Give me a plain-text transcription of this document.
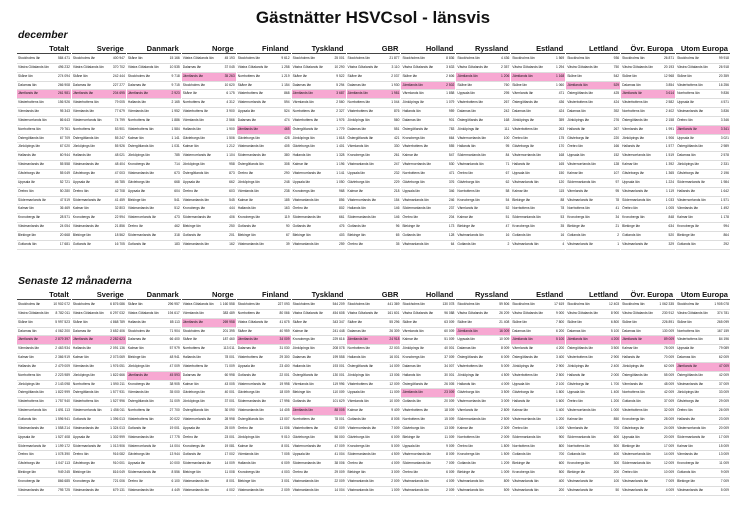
Gästnätter HSVCsol - länsvis
december
Totalt
Stockholms län	584 471
Västra Götalands län	496 232
Skåne län	274 094
Dalarnas län	266 908
Jämtlands län	261 981
Västerbottens län	156 926
Värmlands län	95 343
Västernorrlands län	86 643
Norrbottens län	79 761
Östergötlands län	67 709
Jönköpings län	67 020
Hallands län	60 944
Västmanlands län	55 558
Gävleborgs län	55 049
Uppsala län	52 721
Örebro län	50 280
Södermanlands län	47 519
Kalmar län	36 469
Kronobergs län	28 571
Västmanlands län	24 054
Blekinge län	20 668
Gotlands län	17 681
Sverige
Stockholms län	400 947
Västra Götalands län	370 702
Skåne län	242 444
Dalarnas län	227 277
Jämtlands län	204 695
Västerbottens län	79 005
Värmlands län	77 679
Västernorrlands län	74 799
Norrbottens län	53 901
Östergötlands län	55 247
Jönköpings län	55 926
Hallands län	48 021
Västmanlands län	48 404
Gävleborgs län	47 003
Uppsala län	46 785
Örebro län	42 708
Södermanlands län	41 459
Kalmar län	32 803
Kronobergs län	22 994
Västmanlands län	21 856
Blekinge län	18 562
Gotlands län	16 705
Danmark
Skåne län	15 166
Västra Götalands län	10 535
Stockholms län	9 718
Dalarnas län	9 715
Jämtlands län	2 923
Hallands län	2 165
Värmlands län	1 952
Norrbottens län	1 886
Västerbottens län	1 584
Kalmar län	1 141
Östergötlands län	1 031
Jönköpings län	785
Kronobergs län	714
Västmanlands län	673
Gävleborgs län	668
Uppsala län	604
Blekinge län	541
Västmanlands län	512
Västernorrlands län	473
Örebro län	462
Södermanlands län	318
Gotlands län	183
Norge
Västra Götalands län	45 193
Dalarnas län	37 045
Jämtlands län	35 263
Stockholms län	10 620
Skåne län	6 175
Norrbottens län	4 312
Västerbottens län	3 900
Värmlands län	2 566
Hallands län	1 900
Gävleborgs län	1 506
Kalmar län	1 212
Västernorrlands län	1 104
Jönköpings län	958
Östergötlands län	873
Uppsala län	662
Örebro län	603
Västmanlands län	545
Kronobergs län	444
Södermanlands län	406
Blekinge län	250
Gotlands län	201
Västmanlands län	162
Finland
Stockholms län	9 612
Västra Götalands län	1 258
Norrbottens län	1 219
Skåne län	1 154
Västerbottens län	868
Västernorrlands län	594
Uppsala län	524
Dalarnas län	474
Jämtlands län	465
Gävleborgs län	428
Västmanlands län	405
Södermanlands län	380
Östergötlands län	308
Örebro län	290
Jönköpings län	248
Värmlands län	238
Kalmar län	185
Hallands län	163
Kronobergs län	119
Gotlands län	90
Blekinge län	67
Västmanlands län	39
Tyskland
Stockholms län	25 001
Västra Götalands län	10 290
Skåne län	9 522
Dalarnas län	5 294
Jämtlands län	3 687
Värmlands län	2 560
Norrbottens län	2 327
Västerbottens län	1 976
Östergötlands län	1 779
Jönköpings län	1 618
Gävleborgs län	1 401
Hallands län	1 328
Kalmar län	1 196
Västernorrlands län	1 141
Uppsala län	1 050
Kronobergs län	968
Västmanlands län	856
Örebro län	802
Södermanlands län	661
Gotlands län	476
Blekinge län	403
Västmanlands län	259
GBR
Stockholms län	21 877
Västra Götalands län	3 110
Skåne län	2 037
Dalarnas län	1 930
Jämtlands län	1 981
Norrbottens län	1 044
Västerbottens län	876
Jönköpings län	560
Dalarnas län	551
Östergötlands län	421
Värmlands län	330
Kronobergs län	261
Västmanlands län	247
Uppsala län	232
Gävleborgs län	229
Kalmar län	218
Västernorrlands län	154
Hallands län	146
Södermanlands län	146
Gotlands län	96
Blekinge län	65
Örebro län	35
Holland
Stockholms län	8 836
Västra Götalands län	3 633
Skåne län	2 606
Jämtlands län	2 502
Värmlands län	1 858
Jönköpings län	1 079
Hallands län	959
Dalarnas län	901
Östergötlands län	783
Kronobergs län	664
Västerbottens län	555
Kalmar län	547
Västernorrlands län	530
Norrbottens län	471
Gävleborgs län	376
Uppsala län	346
Västmanlands län	246
Södermanlands län	237
Örebro län	204
Blekinge län	173
Gotlands län	128
Västmanlands län	64
Ryssland
Stockholms län	4 436
Västra Götalands län	2 357
Jämtlands län	1 206
Skåne län	760
Uppsala län	295
Västerbottens län	267
Dalarnas län	242
Östergötlands län	168
Jönköpings län	111
Västernorrlands län	100
Hallands län	95
Södermanlands län	84
Västmanlands län	71
Örebro län	67
Gävleborgs län	62
Norrbottens län	58
Kronobergs län	54
Värmlands län	52
Kalmar län	51
Blekinge län	47
Västmanlands län	16
Gotlands län	2
Estland
Stockholms län	1 569
Västra Götalands län	1 294
Jämtlands län	1 168
Skåne län	1 060
Värmlands län	471
Östergötlands län	436
Dalarnas län	424
Jönköpings län	359
Västerbottens län	263
Örebro län	175
Gävleborgs län	170
Västernorrlands län	168
Hallands län	165
Uppsala län	150
Västmanlands län	120
Kalmar län	115
Blekinge län	88
Norrbottens län	78
Södermanlands län	53
Kronobergs län	35
Gotlands län	16
Västmanlands län	4
Lettland
Stockholms län	936
Västra Götalands län	750
Skåne län	542
Jämtlands län	529
Östergötlands län	425
Västerbottens län	424
Dalarnas län	392
Jönköpings län	276
Hallands län	267
Gävleborgs län	220
Örebro län	166
Uppsala län	152
Västernorrlands län	128
Kalmar län	107
Södermanlands län	97
Värmlands län	95
Västmanlands län	78
Norrbottens län	41
Kronobergs län	34
Blekinge län	21
Gotlands län	2
Västmanlands län	1
Övr. Europa
Stockholms län	26 871
Västra Götalands län	20 193
Skåne län	12 968
Dalarnas län	3 854
Jämtlands län	3 614
Västerbottens län	2 582
Norrbottens län	2 402
Östergötlands län	2 158
Värmlands län	1 991
Jönköpings län	1 906
Hallands län	1 577
Västernorrlands län	1 519
Kalmar län	1 392
Gävleborgs län	1 365
Uppsala län	1 224
Västmanlands län	1 119
Södermanlands län	1 033
Örebro län	1 005
Kronobergs län	848
Blekinge län	634
Gotlands län	520
Västmanlands län	329
Utom Europa
Stockholms län	99 918
Västra Götalands län	26 918
Skåne län	20 359
Västerbottens län	16 256
Norrbottens län	9 836
Uppsala län	4 571
Västmanlands län	3 836
Örebro län	3 346
Jämtlands län	3 341
Uppsala län	3 021
Östergötlands län	2 989
Dalarnas län	2 578
Jönköpings län	2 331
Gävleborgs län	2 196
Södermanlands län	1 984
Hallands län	1 642
Västernorrlands län	1 571
Värmlands län	1 492
Kalmar län	1 178
Kronobergs län	994
Blekinge län	864
Gotlands län	292
Senaste 12 månaderna
Totalt
Stockholms län	10 902 072
Västra Götalands län 8 782 011
Skåne län	5 997 523
Dalarnas län	4 062 200
Jämtlands län	2 879 397
Värmlands län	2 463 934
Kalmar län	2 366 919
Hallands län	2 479 009
Norrbottens län	2 223 989
Jönköpings län	2 143 098
Östergötlands län	1 822 999
Västerbottens län	1 757 940
Västernorrlands län	1 691 113
Gotlands län	1 596 941
Västmanlands län	1 558 214
Uppsala län	1 527 408
Södermanlands län	1 199 172
Örebro län	1 078 390
Gävleborgs län	1 047 113
Blekinge län	949 245
Kronobergs län	866 685
Västmanlands län	795 725
Sverige
Stockholms län	6 876 086
Västra Götalands län 6 297 032
Skåne län	4 868 789
Dalarnas län	3 652 406
Jämtlands län	2 282 623
Hallands län	2 091 136
Kalmar län	2 073 069
Värmlands län	1 976 051
Jönköpings län	1 822 666
Norrbottens län	1 590 211
Östergötlands län	1 577 931
Västerbottens län	1 527 996
Västernorrlands län	1 456 011
Gotlands län	1 396 013
Västmanlands län	1 324 013
Uppsala län	1 302 999
Södermanlands län	1 013 906
Örebro län	916 082
Gävleborgs län	910 001
Blekinge län	816 049
Kronobergs län	721 006
Västmanlands län	679 131
Danmark
Skåne län	296 957
Västra Götalands län	194 617
Hallands län	85 113
Stockholms län	71 904
Dalarnas län	66 400
Kalmar län	57 979
Blekinge län	48 941
Jönköpings län	47 009
Jämtlands län	45 593
Kronobergs län	38 905
Värmlands län	35 000
Östergötlands län	31 009
Norrbottens län	27 700
Västerbottens län	20 022
Gotlands län	19 001
Västmanlands län	17 775
Västernorrlands län	14 004
Gävleborgs län	13 944
Uppsala län	10 000
Södermanlands län	8 556
Örebro län	6 100
Västmanlands län	4 449
Norge
Västra Götalands län 1 160 558
Värmlands län	383 489
Jämtlands län	269 958
Stockholms län	201 395
Skåne län	187 460
Norrbottens län	113 011
Hallands län	78 001
Västerbottens län	71 009
Dalarnas län	60 998
Kalmar län	43 005
Gävleborgs län	40 001
Jönköpings län	37 001
Östergötlands län	30 090
Västernorrlands län	28 998
Uppsala län	25 009
Örebro län	23 001
Kronobergs län	19 081
Gotlands län	17 002
Södermanlands län	14 009
Blekinge län	11 008
Västmanlands län	8 001
Västmanlands län	4 002
Finland
Stockholms län	227 093
Norrbottens län	80 066
Västra Götalands län	41 675
Skåne län	40 959
Jämtlands län	34 009
Dalarnas län	31 030
Västerbottens län	29 300
Uppsala län	23 400
Gotlands län	22 001
Västernorrlands län	19 998
Gävleborgs län	18 009
Södermanlands län	17 996
Västmanlands län	14 405
Östergötlands län	13 007
Örebro län	11 006
Jönköpings län	9 010
Kalmar län	8 001
Värmlands län	7 005
Hallands län	6 009
Kronobergs län	4 003
Blekinge län	3 001
Västmanlands län	2 009
Tyskland
Stockholms län	544 209
Västra Götalands län	454 608
Skåne län	343 347
Kalmar län	241 448
Kronobergs län	229 616
Jönköpings län	208 078
Dalarnas län	199 558
Hallands län	193 001
Östergötlands län	130 001
Värmlands län	119 996
Blekinge län	110 009
Gotlands län	101 629
Jämtlands län	88 005
Norrbottens län	78 001
Västerbottens län	62 009
Gävleborgs län	56 000
Västernorrlands län	47 009
Uppsala län	41 004
Södermanlands län	38 006
Örebro län	29 009
Västmanlands län	22 009
Västmanlands län	14 004
GBR
Stockholms län	441 369
Västra Götalands län	161 601
Skåne län	55 296
Dalarnas län	26 309
Jämtlands län	24 918
Norrbottens län	22 003
Hallands län	16 001
Östergötlands län	14 009
Jönköpings län	13 006
Västerbottens län	12 009
Uppsala län	11 009
Värmlands län	10 009
Kalmar län	9 409
Gotlands län	8 005
Västernorrlands län	7 009
Gävleborgs län	6 009
Kronobergs län	5 009
Södermanlands län	4 509
Örebro län	4 009
Blekinge län	3 009
Västmanlands län	2 009
Västmanlands län	1 009
Holland
Stockholms län	130 078
Västra Götalands län	96 088
Skåne län	63 009
Värmlands län	60 009
Kalmar län	51 009
Jönköpings län	40 001
Kronobergs län	37 009
Dalarnas län	34 007
Hallands län	30 001
Östergötlands län	26 005
Jämtlands län	23 009
Gotlands län	20 009
Västerbottens län	18 009
Norrbottens län	15 009
Gävleborgs län	13 009
Blekinge län	11 009
Uppsala län	9 009
Västernorrlands län	8 009
Södermanlands län	7 009
Örebro län	6 009
Västmanlands län	4 009
Västmanlands län	2 009
Ryssland
Stockholms län	59 506
Västra Götalands län	26 209
Skåne län	21 408
Jämtlands län	16 009
Uppsala län	10 009
Dalarnas län	8 009
Östergötlands län	6 009
Västerbottens län	5 009
Jönköpings län	4 509
Hallands län	4 009
Gävleborgs län	3 509
Västernorrlands län	3 009
Värmlands län	2 809
Södermanlands län	2 509
Kalmar län	2 309
Norrbottens län	2 009
Örebro län	1 809
Kronobergs län	1 509
Gotlands län	1 209
Blekinge län	1 009
Västmanlands län	809
Västmanlands län	509
Estland
Stockholms län	17 619
Västra Götalands län	9 000
Skåne län	7 800
Dalarnas län	6 200
Jämtlands län	5 100
Värmlands län	4 200
Östergötlands län	3 400
Jönköpings län	2 900
Västerbottens län	2 500
Uppsala län	2 100
Gävleborgs län	1 800
Hallands län	1 600
Kalmar län	1 400
Västernorrlands län	1 200
Örebro län	1 000
Södermanlands län	900
Norrbottens län	800
Gotlands län	700
Blekinge län	600
Kronobergs län	500
Västmanlands län	400
Västmanlands län	200
Lettland
Stockholms län	12 403
Västra Götalands län	8 900
Skåne län	6 800
Dalarnas län	5 100
Jämtlands län	4 200
Östergötlands län	3 500
Västerbottens län	2 900
Jönköpings län	2 400
Hallands län	2 000
Gävleborgs län	1 700
Uppsala län	1 400
Örebro län	1 200
Västernorrlands län	1 000
Kalmar län	850
Värmlands län	700
Södermanlands län	600
Norrbottens län	500
Gotlands län	400
Kronobergs län	300
Blekinge län	200
Västmanlands län	100
Västmanlands län	50
Övr. Europa
Stockholms län	1 062 335
Västra Götalands län	230 912
Skåne län	226 891
Dalarnas län	130 009
Jämtlands län	89 009
Kalmar län	78 009
Hallands län	70 009
Jönköpings län	62 009
Östergötlands län	55 009
Värmlands län	48 009
Norrbottens län	42 009
Gotlands län	37 009
Västerbottens län	32 009
Kronobergs län	28 009
Gävleborgs län	24 009
Uppsala län	20 009
Blekinge län	17 009
Västernorrlands län	14 009
Södermanlands län	12 009
Örebro län	10 009
Västmanlands län	7 009
Västmanlands län	4 009
Utom Europa
Stockholms län	1 905 078
Västra Götalands län	374 781
Skåne län	265 099
Norrbottens län	167 159
Västerbottens län	84 196
Uppsala län	79 089
Dalarnas län	62 009
Jämtlands län	47 009
Östergötlands län	42 009
Västmanlands län	37 009
Jönköpings län	33 009
Gävleborgs län	29 009
Örebro län	26 009
Hallands län	23 009
Västernorrlands län	20 009
Södermanlands län	17 009
Kalmar län	15 009
Värmlands län	13 009
Kronobergs län	11 009
Gotlands län	9 009
Blekinge län	7 009
Västmanlands län	5 009
